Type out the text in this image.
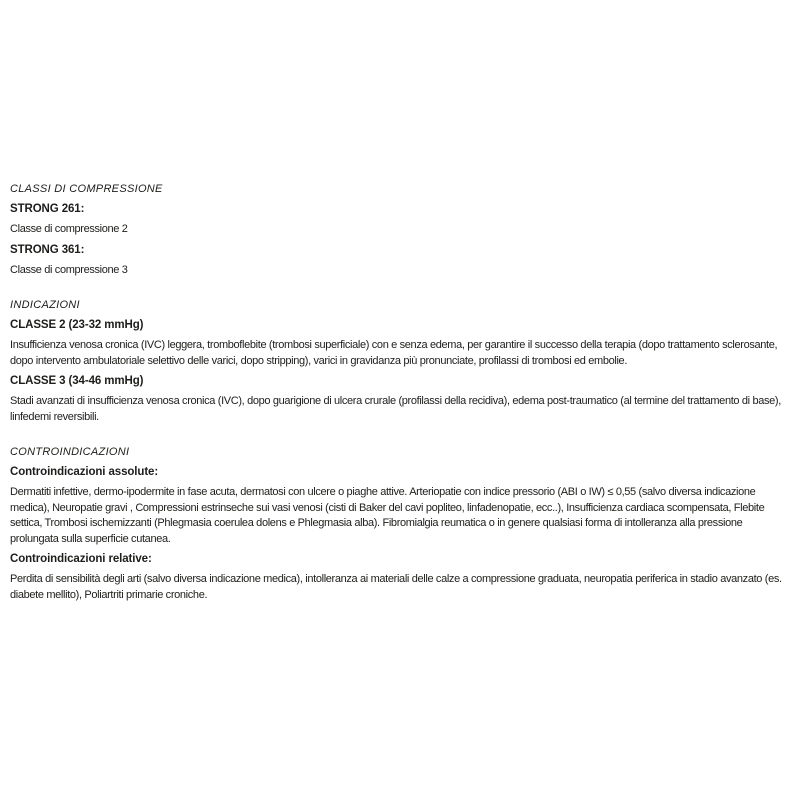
CLASSI DI COMPRESSIONE

STRONG 261:

Classe di compressione 2

STRONG 361:

Classe di compressione 3

INDICAZIONI

CLASSE 2 (23-32 mmHg)

Insufficienza venosa cronica (IVC) leggera, tromboflebite (trombosi superficiale) con e senza edema, per garantire il successo della terapia (dopo trattamento sclerosante, dopo intervento ambulatoriale selettivo delle varici, dopo stripping), varici in gravidanza più pronunciate, profilassi di trombosi ed embolie.

CLASSE 3 (34-46 mmHg)

Stadi avanzati di insufficienza venosa cronica (IVC), dopo guarigione di ulcera crurale (profilassi della recidiva), edema post-traumatico (al termine del trattamento di base), linfedemi reversibili.

CONTROINDICAZIONI

Controindicazioni assolute:

Dermatiti infettive, dermo-ipodermite in fase acuta, dermatosi con ulcere o piaghe attive. Arteriopatie con indice pressorio (ABI o IW) ≤ 0,55 (salvo diversa indicazione medica), Neuropatie gravi , Compressioni estrinseche sui vasi venosi (cisti di Baker del cavi popliteo, linfadenopatie, ecc..), Insufficienza cardiaca scompensata, Flebite settica, Trombosi ischemizzanti (Phlegmasia coerulea dolens e Phlegmasia alba). Fibromialgia reumatica o in genere qualsiasi forma di intolleranza alla pressione prolungata sulla superficie cutanea.

Controindicazioni relative:

Perdita di sensibilità degli arti (salvo diversa indicazione medica), intolleranza ai materiali delle calze a compressione graduata, neuropatia periferica in stadio avanzato (es. diabete mellito), Poliartriti primarie croniche.
